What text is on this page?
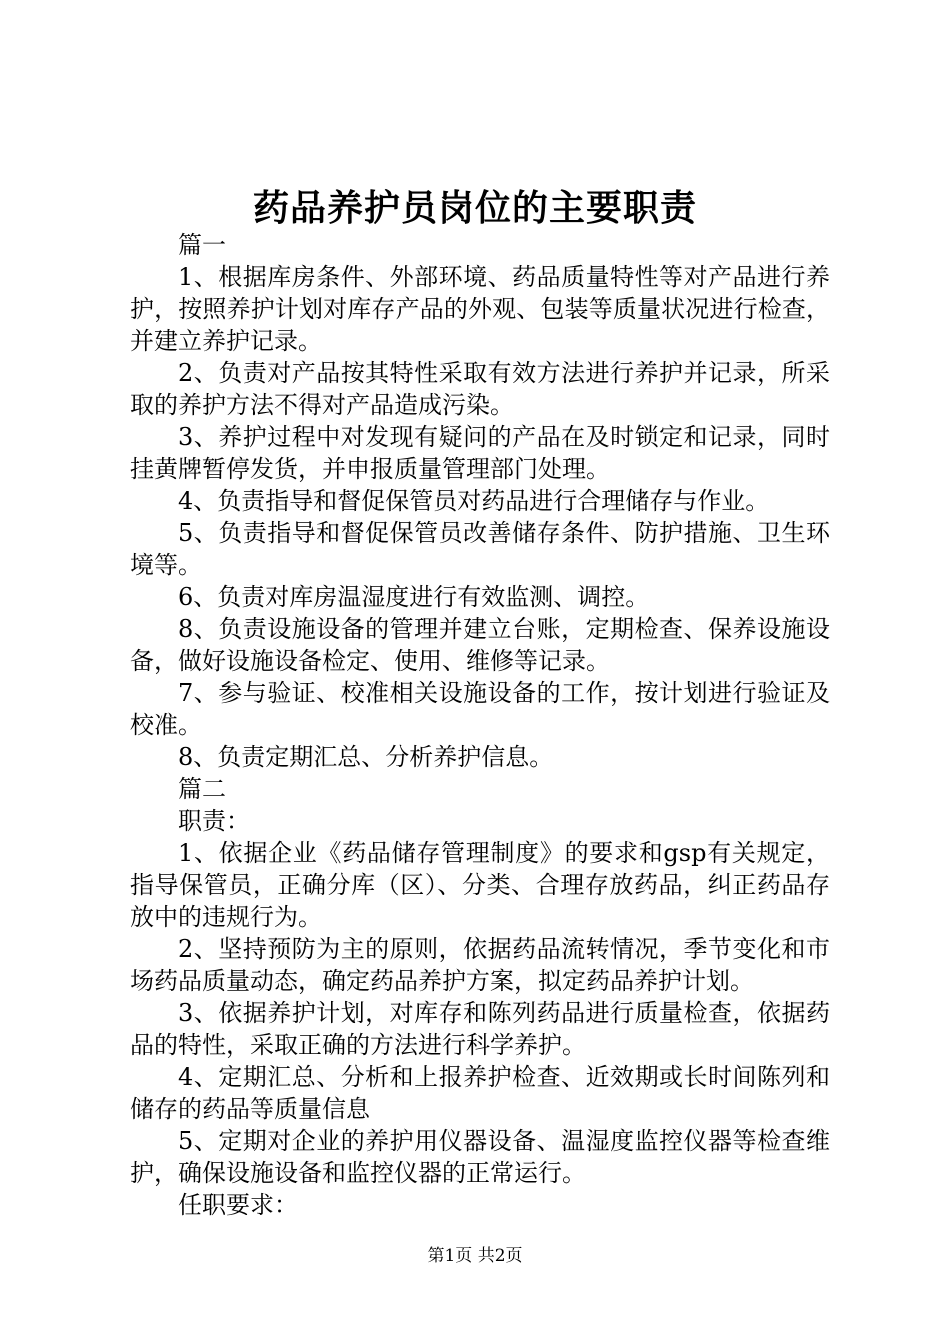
药品养护员岗位的主要职责

篇一

1、根据库房条件、外部环境、药品质量特性等对产品进行养护，按照养护计划对库存产品的外观、包装等质量状况进行检查，并建立养护记录。

2、负责对产品按其特性采取有效方法进行养护并记录，所采取的养护方法不得对产品造成污染。

3、养护过程中对发现有疑问的产品在及时锁定和记录，同时挂黄牌暂停发货，并申报质量管理部门处理。

4、负责指导和督促保管员对药品进行合理储存与作业。

5、负责指导和督促保管员改善储存条件、防护措施、卫生环境等。

6、负责对库房温湿度进行有效监测、调控。

8、负责设施设备的管理并建立台账，定期检查、保养设施设备，做好设施设备检定、使用、维修等记录。

7、参与验证、校准相关设施设备的工作，按计划进行验证及校准。

8、负责定期汇总、分析养护信息。

篇二

职责：

1、依据企业《药品储存管理制度》的要求和gsp有关规定，指导保管员，正确分库（区）、分类、合理存放药品，纠正药品存放中的违规行为。

2、坚持预防为主的原则，依据药品流转情况，季节变化和市场药品质量动态，确定药品养护方案，拟定药品养护计划。

3、依据养护计划，对库存和陈列药品进行质量检查，依据药品的特性，采取正确的方法进行科学养护。

4、定期汇总、分析和上报养护检查、近效期或长时间陈列和储存的药品等质量信息

5、定期对企业的养护用仪器设备、温湿度监控仪器等检查维护，确保设施设备和监控仪器的正常运行。

任职要求：

第1页 共2页
